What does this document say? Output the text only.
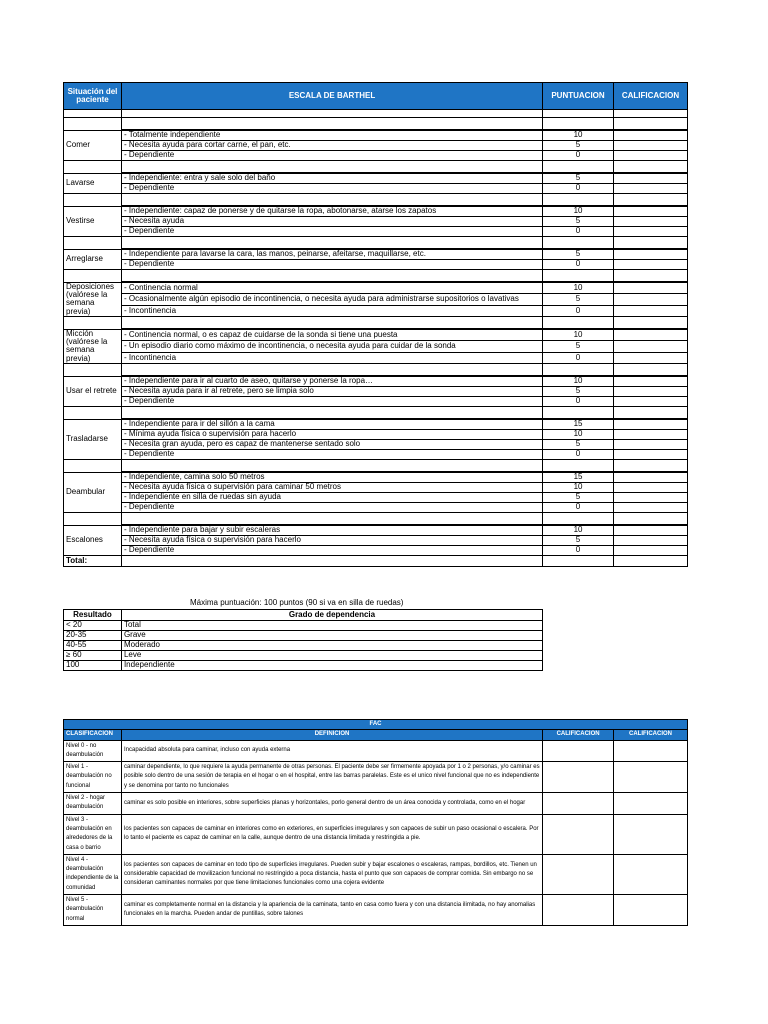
Situación del paciente	ESCALA DE BARTHEL	PUNTUACION	CALIFICACION

Comer	- Totalmente independiente	10	
	- Necesita ayuda para cortar carne, el pan, etc.	5	
	- Dependiente	0	

Lavarse	- Independiente: entra y sale solo del baño	5	
	- Dependiente	0	

Vestirse	- Independiente: capaz de ponerse y de quitarse la ropa, abotonarse, atarse los zapatos	10	
	- Necesita ayuda	5	
	- Dependiente	0	

Arreglarse	- Independiente para lavarse la cara, las manos, peinarse, afeitarse, maquillarse, etc.	5	
	- Dependiente	0	

Deposiciones (valórese la semana previa)	- Continencia normal	10	
	- Ocasionalmente algún episodio de incontinencia, o necesita ayuda para administrarse supositorios o lavativas	5	
	- Incontinencia	0	

Micción (valórese la semana previa)	- Continencia normal, o es capaz de cuidarse de la sonda si tiene una puesta	10	
	- Un episodio diario como máximo de incontinencia, o necesita ayuda para cuidar de la sonda	5	
	- Incontinencia	0	

Usar el retrete	- Independiente para ir al cuarto de aseo, quitarse y ponerse la ropa…	10	
	- Necesita ayuda para ir al retrete, pero se limpia solo	5	
	- Dependiente	0	

Trasladarse	- Independiente para ir del sillón a la cama	15	
	- Mínima ayuda física o supervisión para hacerlo	10	
	- Necesita gran ayuda, pero es capaz de mantenerse sentado solo	5	
	- Dependiente	0	

Deambular	- Independiente, camina solo 50 metros	15	
	- Necesita ayuda física o supervisión para caminar 50 metros	10	
	- Independiente en silla de ruedas sin ayuda	5	
	- Dependiente	0	

Escalones	- Independiente para bajar y subir escaleras	10	
	- Necesita ayuda física o supervisión para hacerlo	5	
	- Dependiente	0	
Total:			
Máxima puntuación: 100 puntos (90 si va en silla de ruedas)
Resultado	Grado de dependencia
< 20	Total
20-35	Grave
40-55	Moderado
≥ 60	Leve
100	Independiente
FAC			
CLASIFICACION	DEFINICION	CALIFICACION	CALIFICACION
Nivel 0 - no deambulación	Incapacidad absoluta para caminar, incluso con ayuda externa		
Nivel 1 - deambulación no funcional	caminar dependiente, lo que requiere la ayuda permanente de otras personas. El paciente debe ser firmemente apoyada por 1 o 2 personas, y/o caminar es posible solo dentro de una sesión de terapia en el hogar o en el hospital, entre las barras paralelas. Este es el unico nivel funcional que no es independiente y se denomina por tanto no funcionales		
Nivel 2 - hogar deambulación	caminar es solo posible en interiores, sobre superficies planas y horizontales, porlo general dentro de un área conocida y controlada, como en el hogar		
Nivel 3 - deambulación en alrededores de la casa o barrio	los pacientes son capaces de caminar en interiores como en exteriores, en superficies irregulares y son capaces de subir un paso ocasional o escalera. Por lo tanto el paciente es capaz de caminar en la calle, aunque dentro de una distancia limitada y restringida a pie.		
Nivel 4 - deambulación independiente de la comunidad	los pacientes son capaces de caminar en todo tipo de superficies irregulares. Pueden subir y bajar escalones o escaleras, rampas, bordillos, etc. Tienen un considerable capacidad de movilizacion funcional no restringido a poca distancia, hasta el punto que son capaces de comprar comida. Sin embargo no se consideran caminantes normales por que tiene limitaciones funcionales como una cojera evidente		
Nivel 5 - deambulación normal	caminar es completamente normal en la distancia y la apariencia de la caminata, tanto en casa como fuera y con una distancia ilimitada, no hay anomalias funcionales en la marcha. Pueden andar de puntillas, sobre talones		
